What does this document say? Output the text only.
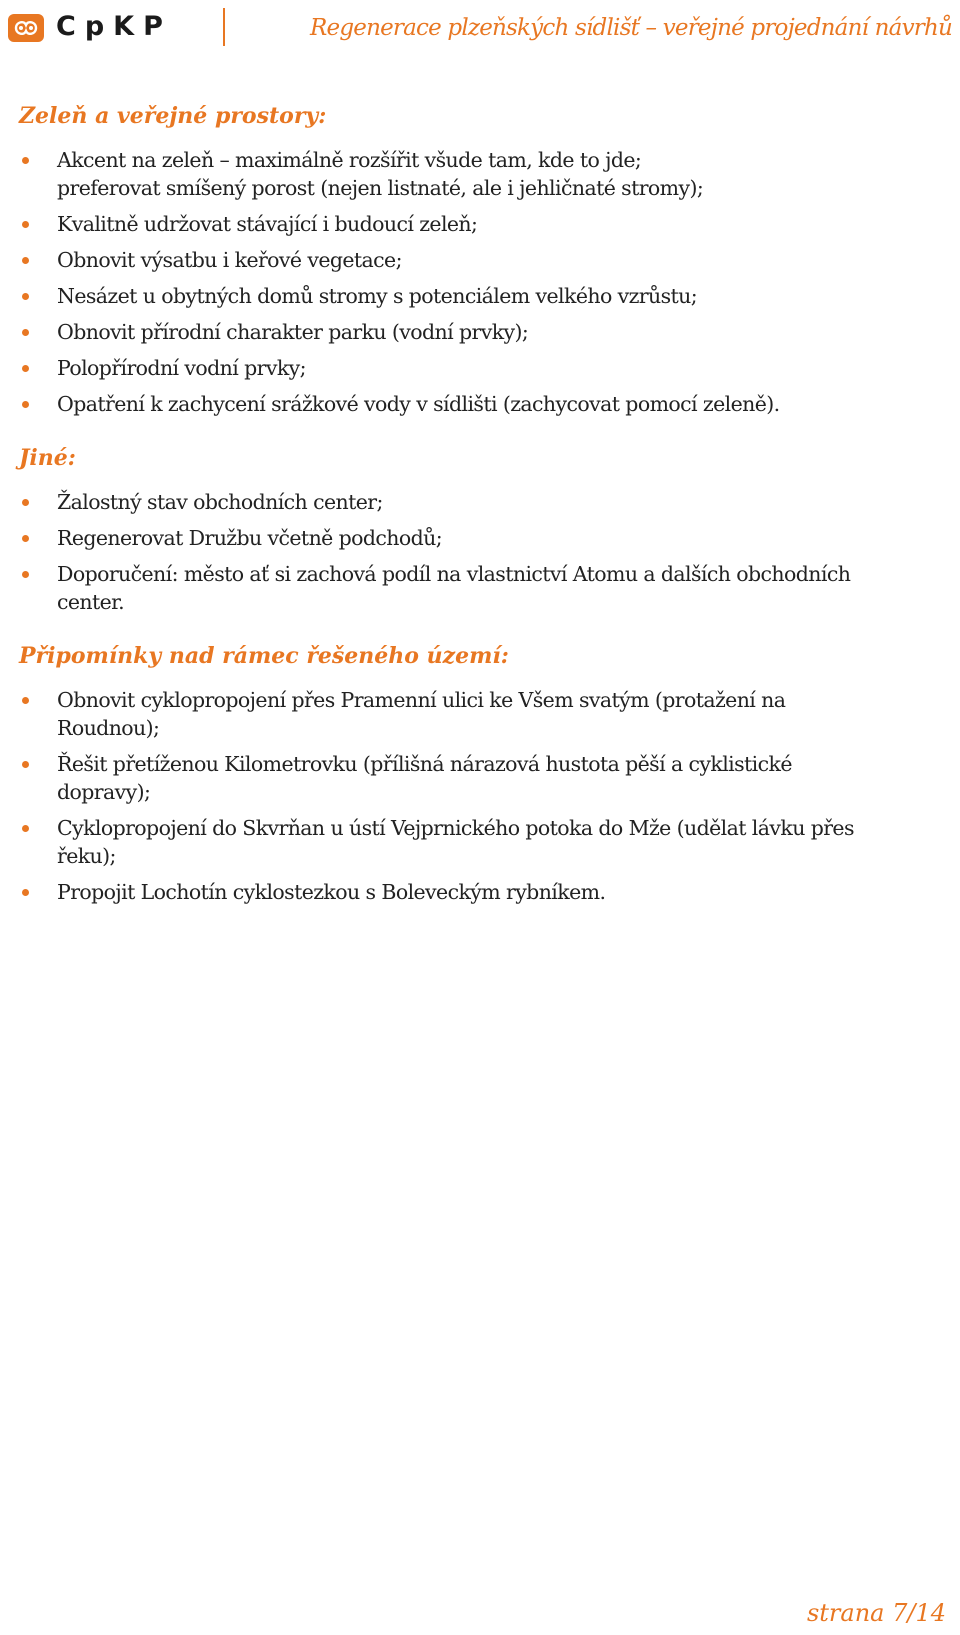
CpKP	Regenerace plzeňských sídlišť – veřejné projednání návrhů
Zeleň a veřejné prostory:
Akcent na zeleň – maximálně rozšířit všude tam, kde to jde;
preferovat smíšený porost (nejen listnaté, ale i jehličnaté stromy);
Kvalitně udržovat stávající i budoucí zeleň;
Obnovit výsatbu i keřové vegetace;
Nesázet u obytných domů stromy s potenciálem velkého vzrůstu;
Obnovit přírodní charakter parku (vodní prvky);
Polopřírodní vodní prvky;
Opatření k zachycení srážkové vody v sídlišti (zachycovat pomocí zeleně).
Jiné:
Žalostný stav obchodních center;
Regenerovat Družbu včetně podchodů;
Doporučení: město ať si zachová podíl na vlastnictví Atomu a dalších obchodních
center.
Připomínky nad rámec řešeného území:
Obnovit cyklopropojení přes Pramenní ulici ke Všem svatým (protažení na
Roudnou);
Řešit přetíženou Kilometrovku (přílišná nárazová hustota pěší a cyklistické
dopravy);
Cyklopropojení do Skvrňan u ústí Vejprnického potoka do Mže (udělat lávku přes
řeku);
Propojit Lochotín cyklostezkou s Boleveckým rybníkem.
strana 7/14
